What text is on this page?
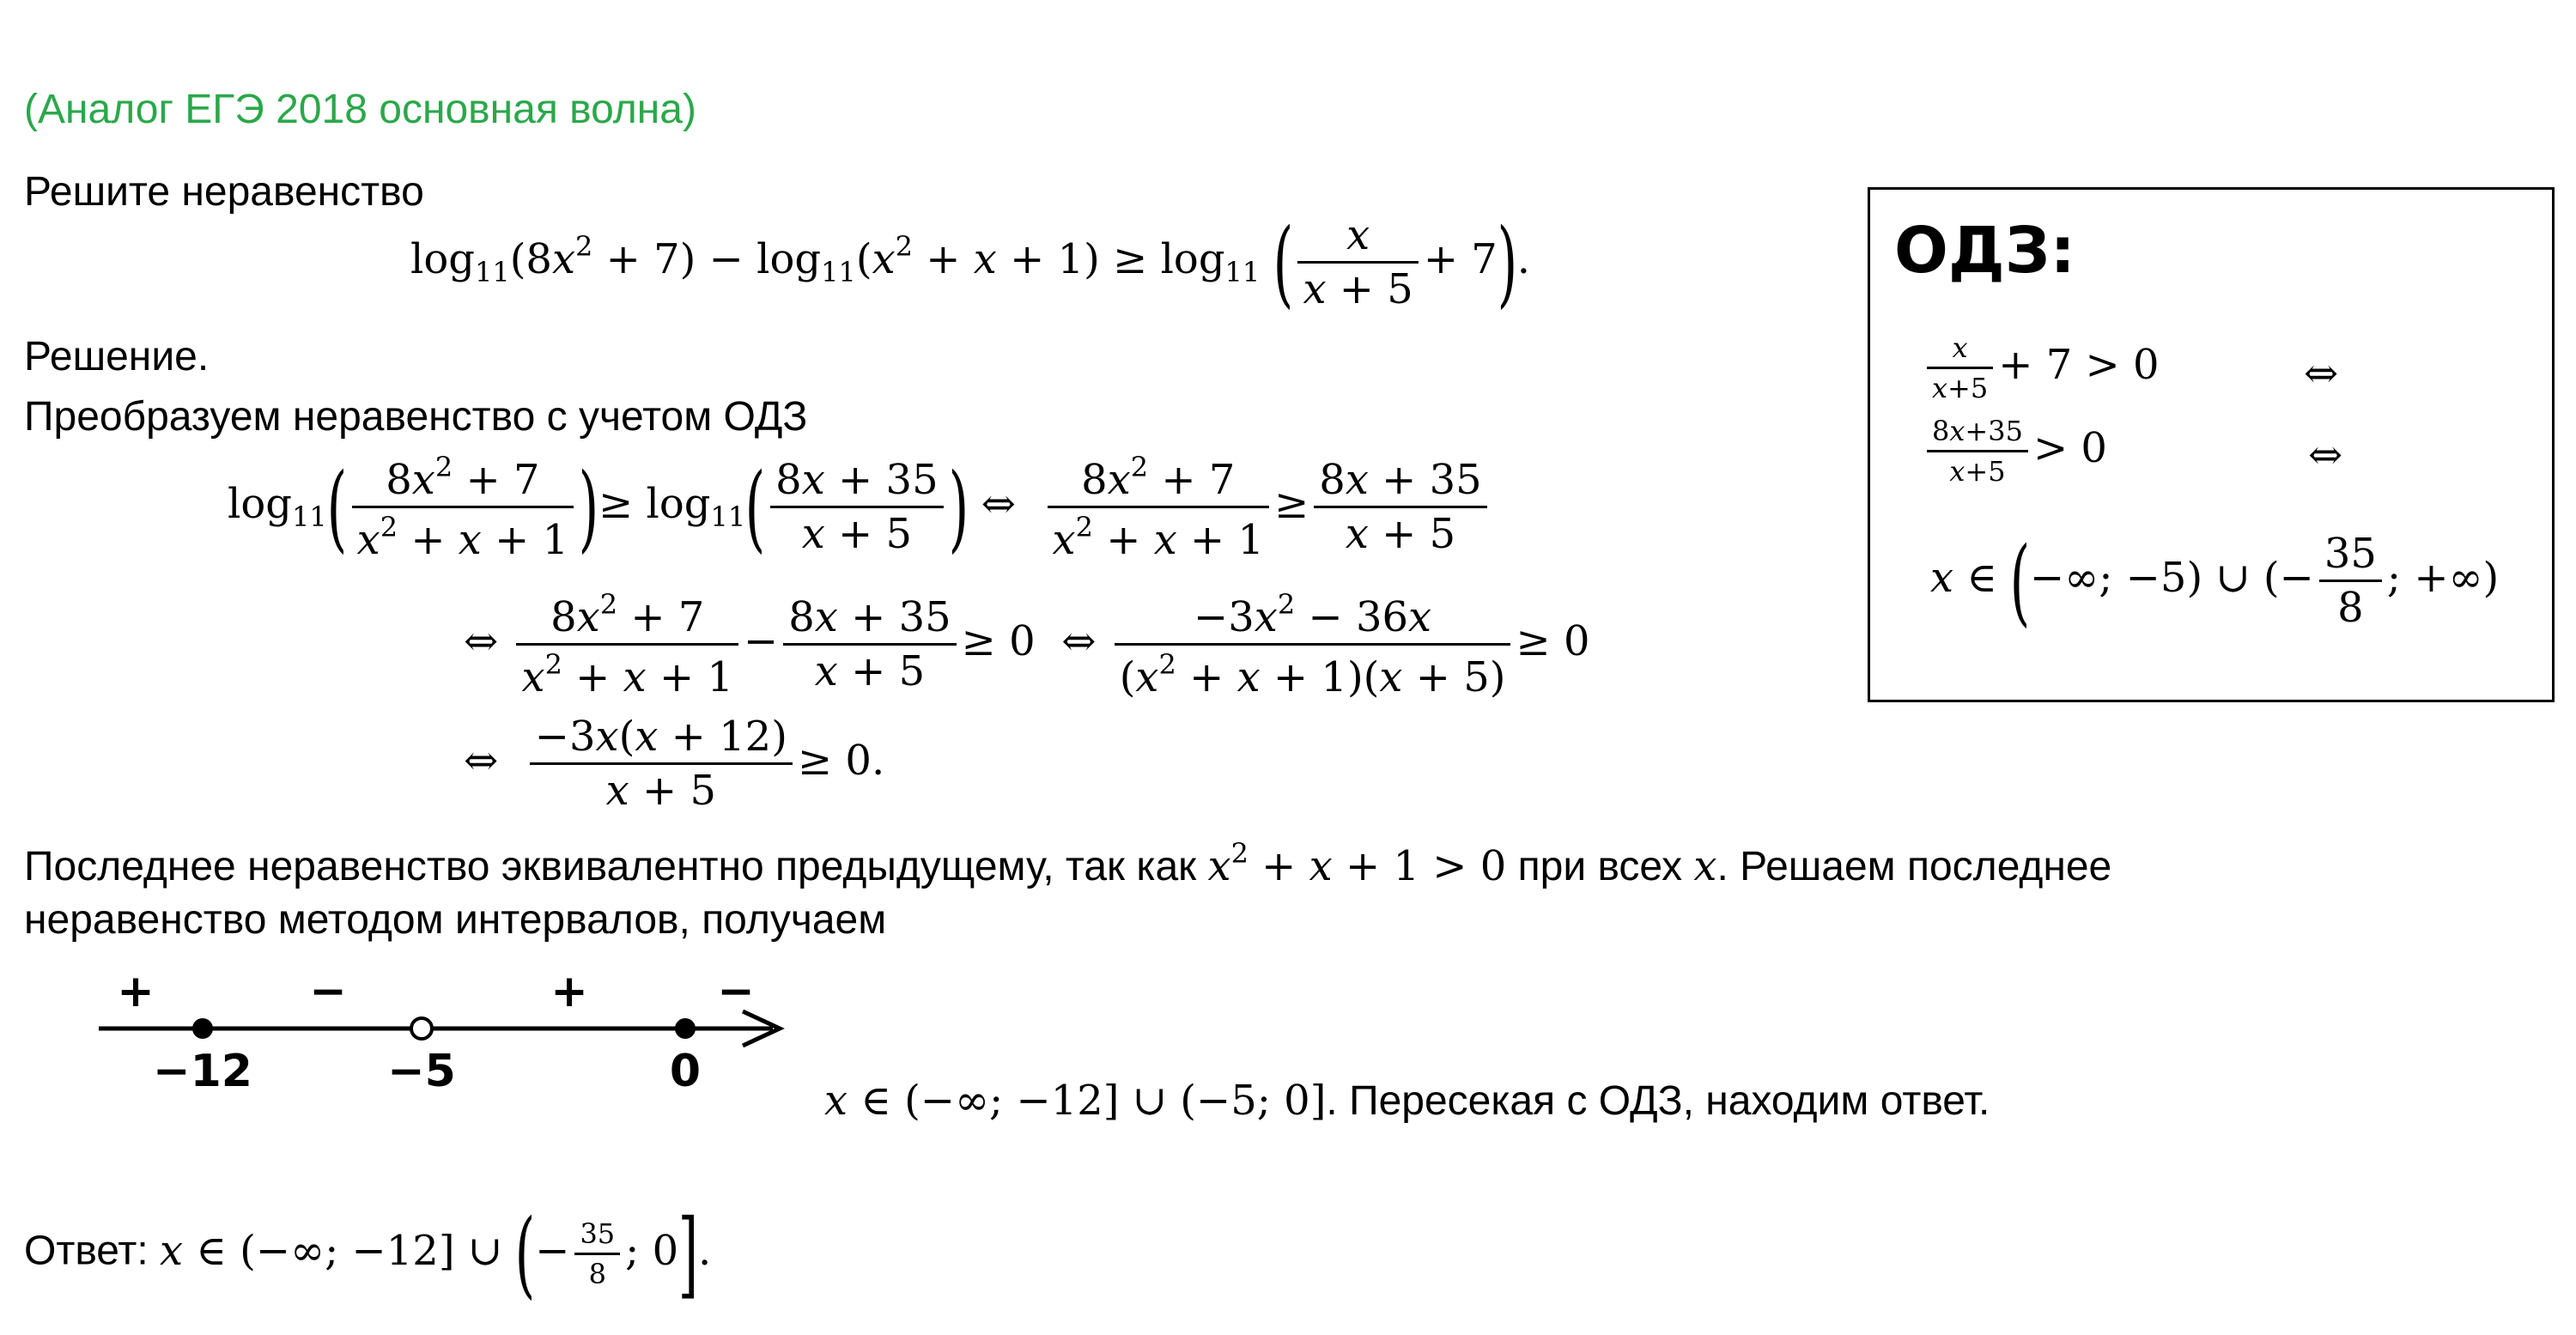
(Аналог ЕГЭ 2018 основная волна)
Решите неравенство
$\log_{11}(8x^2 + 7) - \log_{11}(x^2 + x + 1) \ge \log_{11}$ ( $\frac{x}{x + 5} + 7$).
Решение.
Преобразуем неравенство с учетом ОДЗ
$\log_{11}( \frac{8x^2 + 7}{x^2 + x + 1}$ )≥ $\log_{11}( \frac{8x + 35}{x + 5}$ ) ⇔ $\frac{8x^2 + 7}{x^2 + x + 1} \ge \frac{8x + 35}{x + 5}$
⇔ $\frac{8x^2 + 7}{x^2 + x + 1} - \frac{8x + 35}{x + 5} \ge 0$  ⇔ $\frac{-3x^2 - 36x}{(x^2 + x + 1)(x + 5)} \ge 0$
⇔ $\frac{-3x(x + 12)}{x + 5} \ge 0$.
Последнее неравенство эквивалентно предыдущему, так как $x^2 + x + 1 > 0$ при всех x. Решаем последнее
неравенство методом интервалов, получаем
−12	−5	0
+	−	+	−
x ∈ (−∞; −12] ∪ (−5; 0]. Пересекая с ОДЗ, находим ответ.
Ответ: x ∈ (−∞; −12] ∪ (− $\frac{35}{8}$ ; 0].
ОДЗ:
$\frac{x}{x+5} + 7 > 0$	⇔
$\frac{8x+35}{x+5} > 0$	⇔
x ∈ (−∞; −5) ∪ (− $\frac{35}{8}$ ; +∞)
